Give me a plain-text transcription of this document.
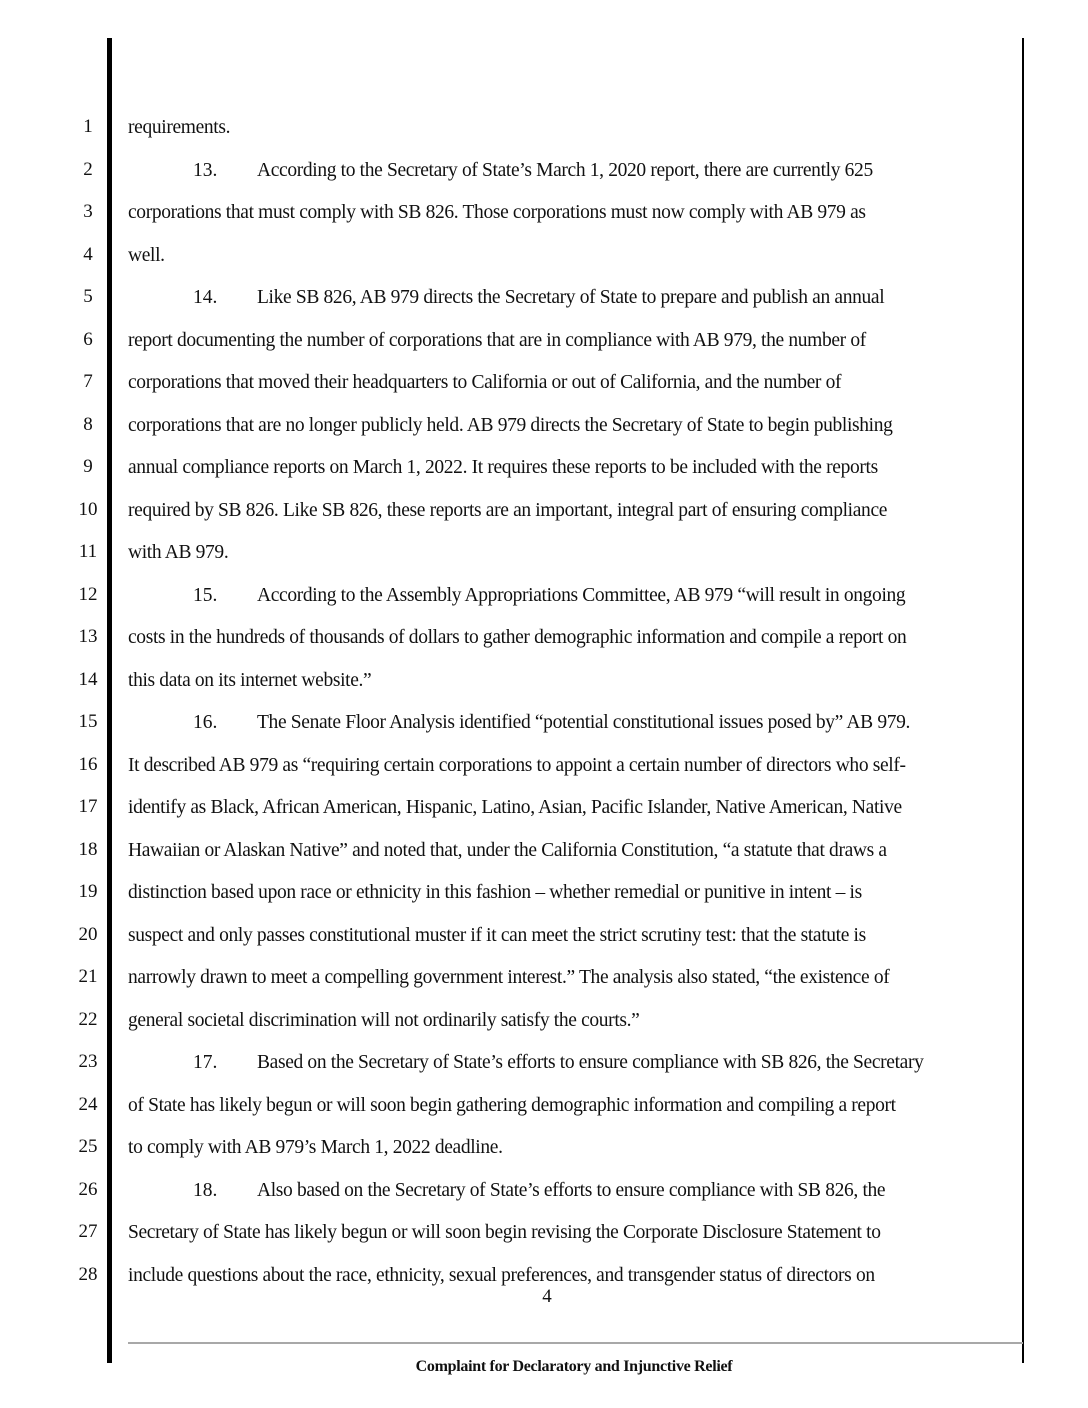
1
2
3
4
5
6
7
8
9
10
11
12
13
14
15
16
17
18
19
20
21
22
23
24
25
26
27
28
requirements.
13. According to the Secretary of State’s March 1, 2020 report, there are currently 625
corporations that must comply with SB 826. Those corporations must now comply with AB 979 as
well.
14. Like SB 826, AB 979 directs the Secretary of State to prepare and publish an annual
report documenting the number of corporations that are in compliance with AB 979, the number of
corporations that moved their headquarters to California or out of California, and the number of
corporations that are no longer publicly held. AB 979 directs the Secretary of State to begin publishing
annual compliance reports on March 1, 2022. It requires these reports to be included with the reports
required by SB 826. Like SB 826, these reports are an important, integral part of ensuring compliance
with AB 979.
15. According to the Assembly Appropriations Committee, AB 979 “will result in ongoing
costs in the hundreds of thousands of dollars to gather demographic information and compile a report on
this data on its internet website.”
16. The Senate Floor Analysis identified “potential constitutional issues posed by” AB 979.
It described AB 979 as “requiring certain corporations to appoint a certain number of directors who self-
identify as Black, African American, Hispanic, Latino, Asian, Pacific Islander, Native American, Native
Hawaiian or Alaskan Native” and noted that, under the California Constitution, “a statute that draws a
distinction based upon race or ethnicity in this fashion – whether remedial or punitive in intent – is
suspect and only passes constitutional muster if it can meet the strict scrutiny test: that the statute is
narrowly drawn to meet a compelling government interest.” The analysis also stated, “the existence of
general societal discrimination will not ordinarily satisfy the courts.”
17. Based on the Secretary of State’s efforts to ensure compliance with SB 826, the Secretary
of State has likely begun or will soon begin gathering demographic information and compiling a report
to comply with AB 979’s March 1, 2022 deadline.
18. Also based on the Secretary of State’s efforts to ensure compliance with SB 826, the
Secretary of State has likely begun or will soon begin revising the Corporate Disclosure Statement to
include questions about the race, ethnicity, sexual preferences, and transgender status of directors on
4
Complaint for Declaratory and Injunctive Relief
